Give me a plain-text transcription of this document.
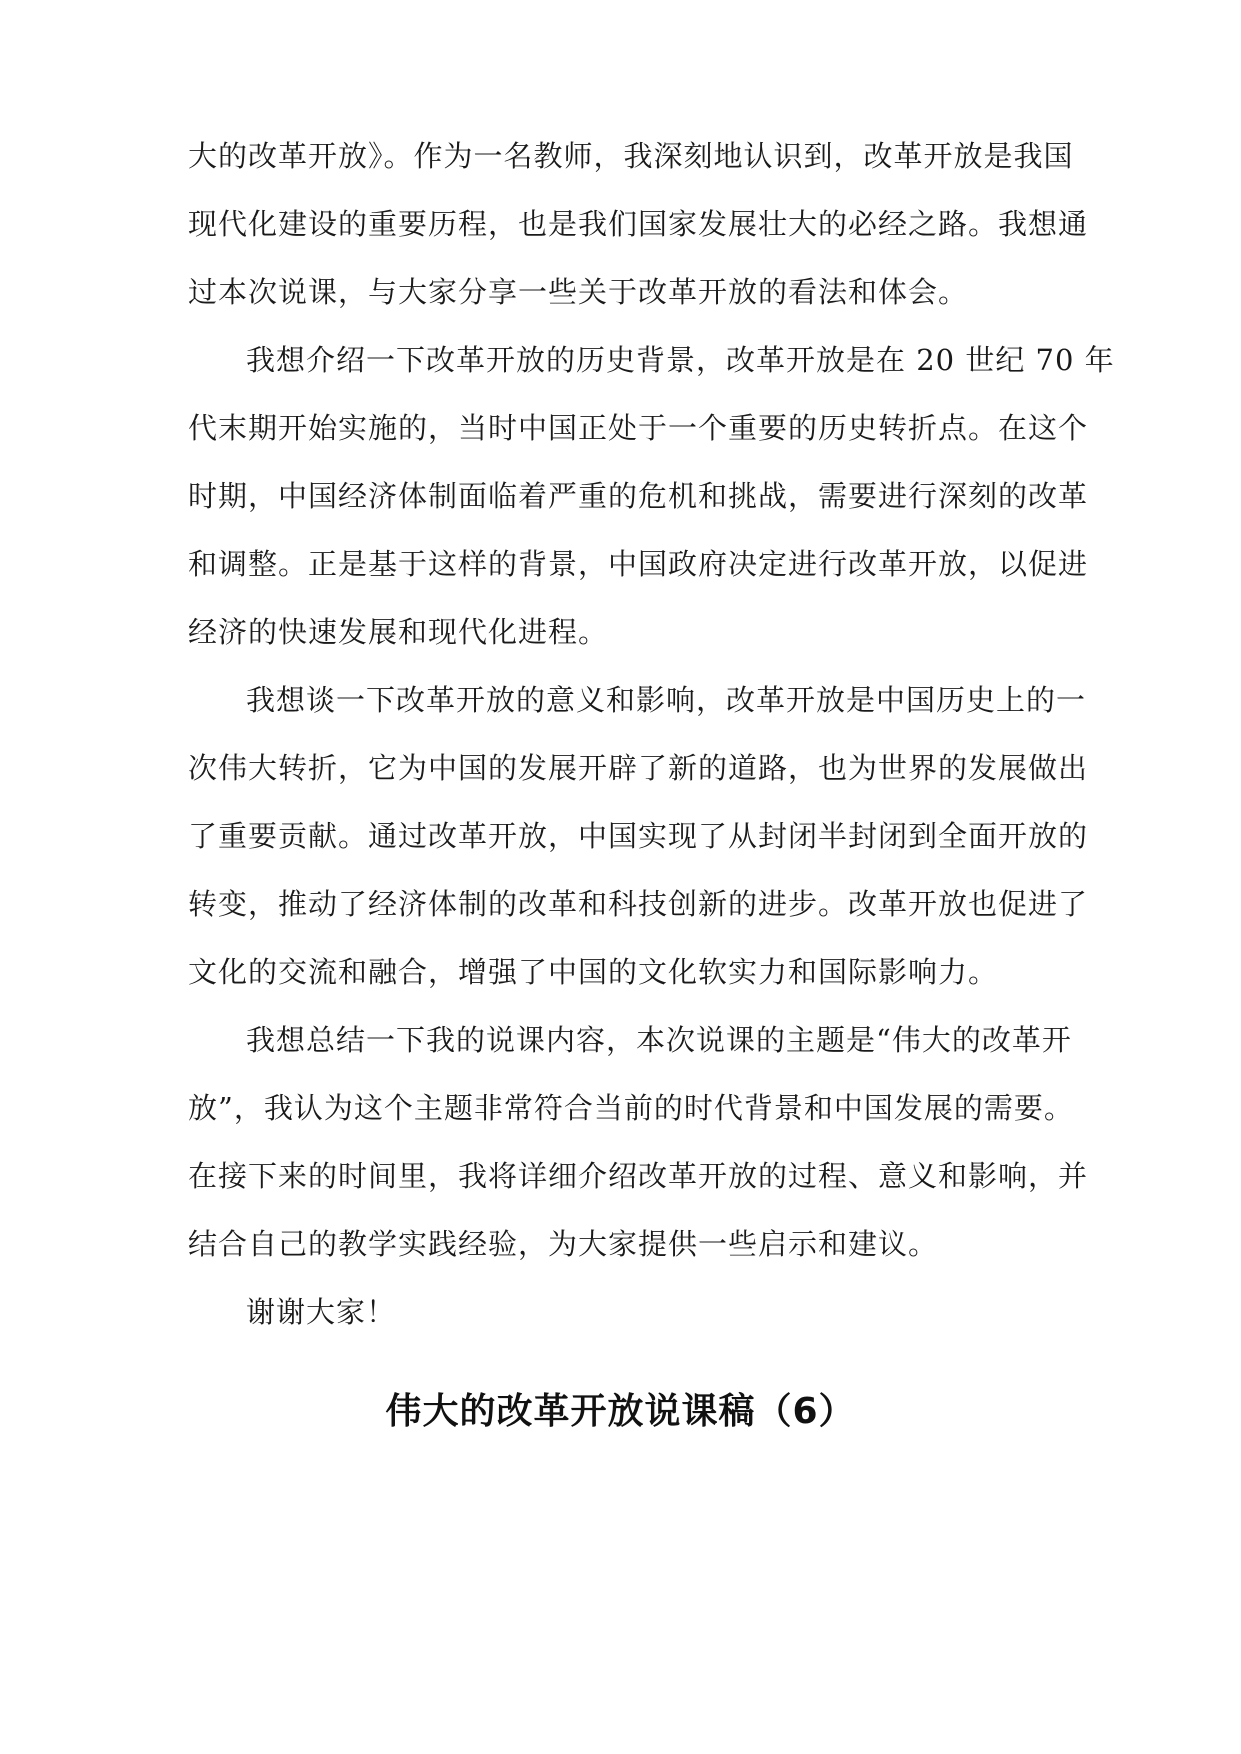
大的改革开放》。作为一名教师，我深刻地认识到，改革开放是我国
现代化建设的重要历程，也是我们国家发展壮大的必经之路。我想通
过本次说课，与大家分享一些关于改革开放的看法和体会。
我想介绍一下改革开放的历史背景，改革开放是在 20 世纪 70 年
代末期开始实施的，当时中国正处于一个重要的历史转折点。在这个
时期，中国经济体制面临着严重的危机和挑战，需要进行深刻的改革
和调整。正是基于这样的背景，中国政府决定进行改革开放，以促进
经济的快速发展和现代化进程。
我想谈一下改革开放的意义和影响，改革开放是中国历史上的一
次伟大转折，它为中国的发展开辟了新的道路，也为世界的发展做出
了重要贡献。通过改革开放，中国实现了从封闭半封闭到全面开放的
转变，推动了经济体制的改革和科技创新的进步。改革开放也促进了
文化的交流和融合，增强了中国的文化软实力和国际影响力。
我想总结一下我的说课内容，本次说课的主题是“伟大的改革开
放”，我认为这个主题非常符合当前的时代背景和中国发展的需要。
在接下来的时间里，我将详细介绍改革开放的过程、意义和影响，并
结合自己的教学实践经验，为大家提供一些启示和建议。
谢谢大家！
伟大的改革开放说课稿（6）
